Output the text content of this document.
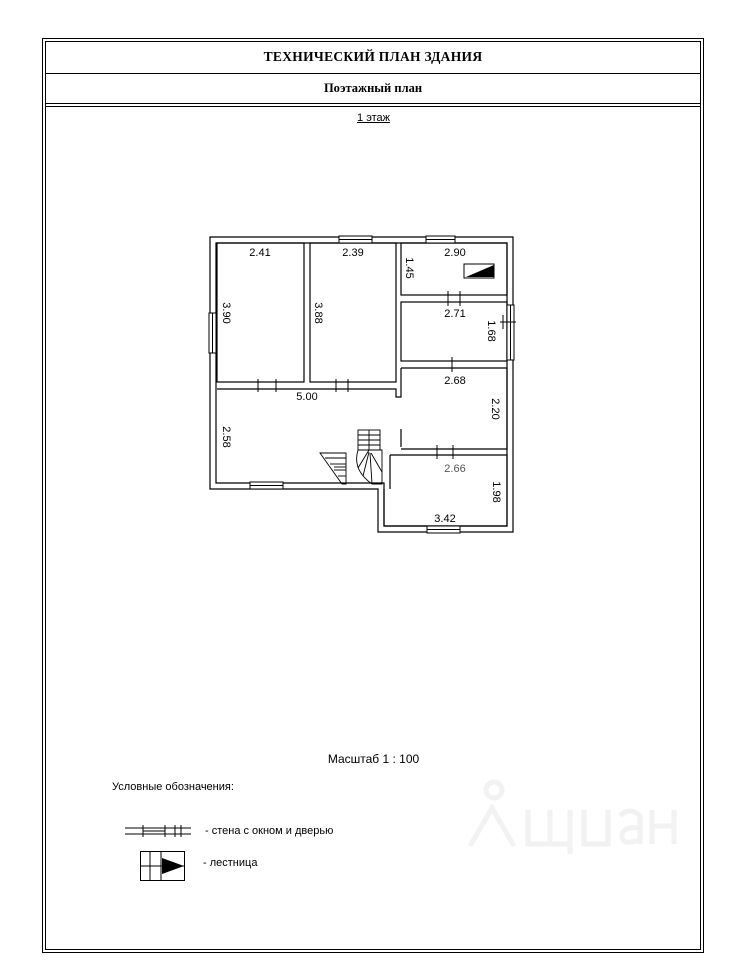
ТЕХНИЧЕСКИЙ ПЛАН ЗДАНИЯ
Поэтажный план
1 этаж
2.41	2.39	2.90
2.71
2.68
5.00
2.66
3.42
3.90	3.88
1.45
1.68
2.20
2.58
1.98
Масштаб 1 : 100
Условные обозначения:
- стена с окном и дверью
- лестница
